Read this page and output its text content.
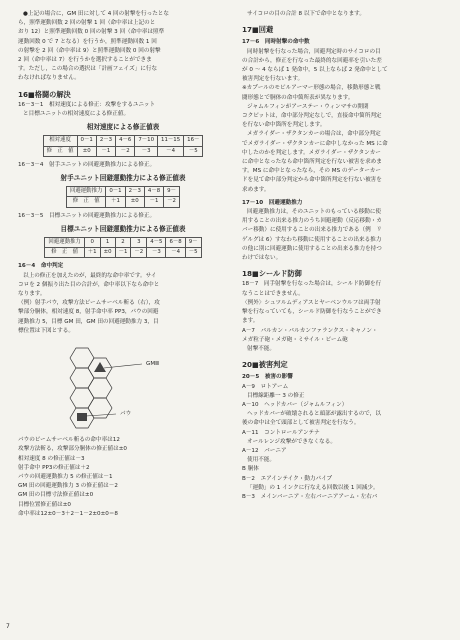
●上記の場合に，GM 田に対して 4 回の射撃を行ったとな

ら，照準運動回数 2 回の射撃 1 回（命中率は上記のと

おり 12）と照準運動回数 0 回の射撃 3 回（命中率は照準

運動回数 0 で 7 となる）を行うか，照準運動回数 1 回

の射撃を 2 回（命中率は 9）と照準運動回数 0 回の射撃

2 回（命中率は 7）を行うかを選択することができま

す。ただし，この場合の選択は「計画フェイズ」に行な

わなければなりません。

16■格闘の解決

16－3－1　相対速度による修正：攻撃をするユニット

と目標ユニットの相対速度による修正値。

相対速度による修正値表
相対速度	0－1	2－3	4－6	7－10	11－15	16－
修　正　値	±0	－1	－2	－3	－4	－5

16－3－4　射手ユニットの回避運動推力による修正。

射手ユニット回避運動推力による修正値表
回避運動推力	0－1	2－3	4－8	9－
修　正　値	＋1	±0	－1	－2

16－3－5　目標ユニットの回避運動推力による修正。

目標ユニット回避運動推力による修正値表
回避運動推力	0	1	2	3	4－5	6－8	9－
修　正　値	＋1	±0	－1	－2	－3	－4	－5

16－4　命中判定

以上の修正を加えたのが，最終的な命中率です。サイ

コロを 2 個振り出た目の合計が，命中率以下なら命中と

なります。

（例）射手パウ，攻撃方法ビームサーベル斬る（右），攻

撃部分胴体，相対速度 8，射手命中率 PP3，パウの回避

運動推力 5，目標 GM 田，GM 田の回避運動推力 3，目

標位置は下図とする。

GMⅢ
パウ

パウのビームサーベル斬るの命中率は12

攻撃方法斬る，攻撃部分胴体の修正値は±0

相対速度 8 の修正値は－3

射手命中 PP3の修正値は＋2

パウの回避運動推力 5 の修正値は－1

GM 田の回避運動推力 3 の修正値は－2

GM 田の目標寸法修正値は±0

目標位置修正値は±0

命中率は12±0－3＋2－1－2±0±0＝8

サイコロの目の合計 8 以下で命中となります。

17■回避

17－6　同時射撃の命中数

同時射撃を行なった場合，回避判定時のサイコロの目

の合計から，修正を行なった最終的な回避率を引いた差

が 0 ～ 4 ならば 1 発命中，5 以上ならば 2 発命中として

被害判定を行ないます。

※カプールのモビルアーマー形態の場合，移動形態と戦

闘形態とで胴体の命中箇所表が異なります。

ジャムルフィンがアーステー・ウィンマサの開閉

コクピットは，命中部分判定なしで，直接命中箇所判定

を行ない命中箇所を判定します。

メガライダー・ザクタンカーの場合は，命中部分判定

でメガライダー・ザクタンカーに命中しなかった MS に命

中したのかを判定します。メガライダー・ザクタンカー

に命中となったなら命中箇所判定を行ない被害を求めま

す。MS に命中となったなら，その MS のデーターカー

ドを見て命中部分判定から命中箇所判定を行ない被害を

求めます。

17－10　回避運動推力

回避運動推力は，そのユニットのもっている移動に使

用することの出来る推力のうち回避運動（反応移動・カ

バー移動）に使用することの出来る推力である（例　リ

ゲルグは 6）すなわち移動に使用することの出来る推力

の他に別に回避運動に使用することの出来る推力を持つ

わけではない。

18■シールド防御

18－7　同手射撃を行なった場合は，シールド防御を行

なうことはできません。

〈例外〉シュツルムディアスとヤーベンウルフは両手射

撃を行なっていても，シールド防御を行なうことができ

ます。

A－7　バルカン・バルカンファランクス・キャノン・

メガ粒子砲・メガ砲・ミサイル・ビーム砲

射撃不能。

20■被害判定

20－5　被害の影響

A－9　ロトアーム

目標線距離一 3 の修正

A－10　ヘッドカバー（ジャムルフィン）

ヘッドカバーが破壊されると頭部が露出するので，以

後の命中は全て頭部として被害判定を行なう。

A－11　コントロールアンテナ

オールレンジ攻撃ができなくなる。

A－12　バーニア

使用不能。

B 胴体

B－2　エアインテイク・動力パイプ

「運動」の 1 インクに行なえる回数以後 1 回減少。

B－3　メインバーニア・左右バーニアアーム・左右バ

7
